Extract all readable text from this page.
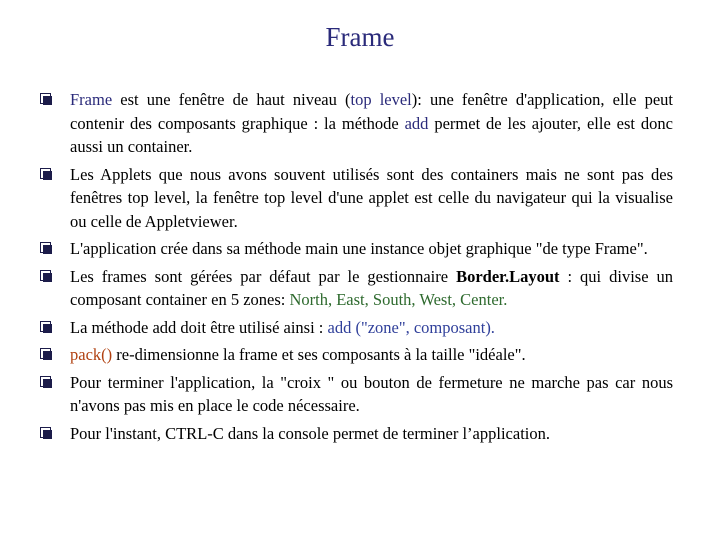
Frame
Frame est une fenêtre de haut niveau (top level): une fenêtre d'application, elle peut contenir des composants graphique : la méthode add permet de les ajouter, elle est donc aussi un container.
Les Applets que nous avons souvent utilisés sont des containers mais ne sont pas des fenêtres top level, la fenêtre top level d'une applet est celle du navigateur qui la visualise ou celle de Appletviewer.
L'application crée dans sa méthode main une instance objet graphique "de type Frame".
Les frames sont gérées par défaut par le gestionnaire Border.Layout : qui divise un composant container en 5 zones: North, East, South, West, Center.
La méthode add doit être utilisé ainsi : add ("zone", composant).
pack() re-dimensionne la frame et ses composants à la taille "idéale".
Pour terminer l'application, la "croix " ou bouton de fermeture ne marche pas car nous n'avons pas mis en place le code nécessaire.
Pour l'instant, CTRL-C dans la console permet de terminer l’application.
